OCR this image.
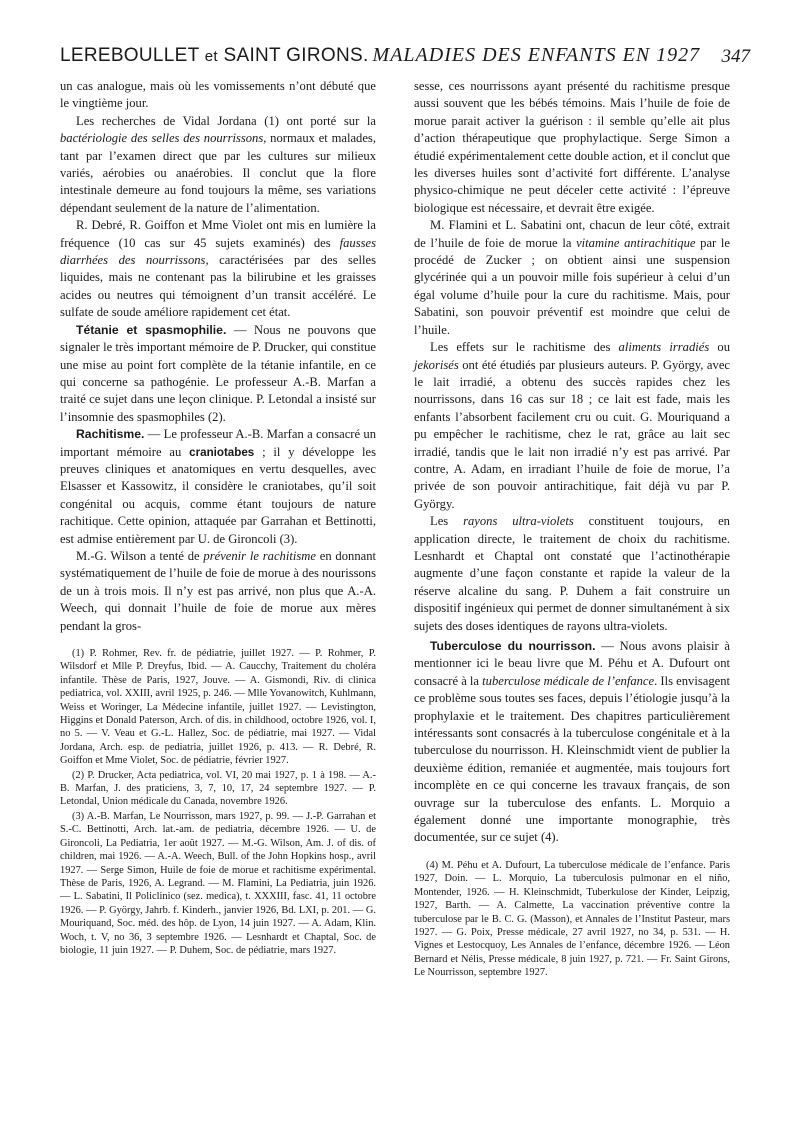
LEREBOULLET et SAINT GIRONS. MALADIES DES ENFANTS EN 1927 347

un cas analogue, mais où les vomissements n’ont débuté que le vingtième jour.

Les recherches de Vidal Jordana (1) ont porté sur la bactériologie des selles des nourrissons, normaux et malades, tant par l’examen direct que par les cultures sur milieux variés, aérobies ou anaérobies. Il conclut que la flore intestinale demeure au fond toujours la même, ses variations dépendant seulement de la nature de l’alimentation.

R. Debré, R. Goiffon et Mme Violet ont mis en lumière la fréquence (10 cas sur 45 sujets examinés) des fausses diarrhées des nourrissons, caractérisées par des selles liquides, mais ne contenant pas la bilirubine et les graisses acides ou neutres qui témoignent d’un transit accéléré. Le sulfate de soude améliore rapidement cet état.

Tétanie et spasmophilie. — Nous ne pouvons que signaler le très important mémoire de P. Drucker, qui constitue une mise au point fort complète de la tétanie infantile, en ce qui concerne sa pathogénie. Le professeur A.-B. Marfan a traité ce sujet dans une leçon clinique. P. Letondal a insisté sur l’insomnie des spasmophiles (2).

Rachitisme. — Le professeur A.-B. Marfan a consacré un important mémoire au craniotabes ; il y développe les preuves cliniques et anatomiques en vertu desquelles, avec Elsasser et Kassowitz, il considère le craniotabes, qu’il soit congénital ou acquis, comme étant toujours de nature rachitique. Cette opinion, attaquée par Garrahan et Bettinotti, est admise entièrement par U. de Gironcoli (3).

M.-G. Wilson a tenté de prévenir le rachitisme en donnant systématiquement de l’huile de foie de morue à des nourissons de un à trois mois. Il n’y est pas arrivé, non plus que A.-A. Weech, qui donnait l’huile de foie de morue aux mères pendant la gros-

(1) P. Rohmer, Rev. fr. de pédiatrie, juillet 1927. — P. Rohmer, P. Wilsdorf et Mlle P. Dreyfus, Ibid. — A. Caucchy, Traitement du choléra infantile. Thèse de Paris, 1927, Jouve. — A. Gismondi, Riv. di clinica pediatrica, vol. XXIII, avril 1925, p. 246. — Mlle Yovanowitch, Kuhlmann, Weiss et Woringer, La Médecine infantile, juillet 1927. — Levistington, Higgins et Donald Paterson, Arch. of dis. in childhood, octobre 1926, vol. I, no 5. — V. Veau et G.-L. Hallez, Soc. de pédiatrie, mai 1927. — Vidal Jordana, Arch. esp. de pediatria, juillet 1926, p. 413. — R. Debré, R. Goiffon et Mme Violet, Soc. de pédiatrie, février 1927.

(2) P. Drucker, Acta pediatrica, vol. VI, 20 mai 1927, p. 1 à 198. — A.-B. Marfan, J. des praticiens, 3, 7, 10, 17, 24 septembre 1927. — P. Letondal, Union médicale du Canada, novembre 1926.

(3) A.-B. Marfan, Le Nourrisson, mars 1927, p. 99. — J.-P. Garrahan et S.-C. Bettinotti, Arch. lat.-am. de pediatria, décembre 1926. — U. de Gironcoli, La Pediatria, 1er août 1927. — M.-G. Wilson, Am. J. of dis. of children, mai 1926. — A.-A. Weech, Bull. of the John Hopkins hosp., avril 1927. — Serge Simon, Huile de foie de morue et rachitisme expérimental. Thèse de Paris, 1926, A. Legrand. — M. Flamini, La Pediatria, juin 1926. — L. Sabatini, Il Policlinico (sez. medica), t. XXXIII, fasc. 41, 11 octobre 1926. — P. György, Jahrb. f. Kinderh., janvier 1926, Bd. LXI, p. 201. — G. Mouriquand, Soc. méd. des hôp. de Lyon, 14 juin 1927. — A. Adam, Klin. Woch, t. V, no 36, 3 septembre 1926. — Lesnhardt et Chaptal, Soc. de biologie, 11 juin 1927. — P. Duhem, Soc. de pédiatrie, mars 1927.

sesse, ces nourrissons ayant présenté du rachitisme presque aussi souvent que les bébés témoins. Mais l’huile de foie de morue parait activer la guérison : il semble qu’elle ait plus d’action thérapeutique que prophylactique. Serge Simon a étudié expérimentalement cette double action, et il conclut que les diverses huiles sont d’activité fort différente. L’analyse physico-chimique ne peut déceler cette activité : l’épreuve biologique est nécessaire, et devrait être exigée.

M. Flamini et L. Sabatini ont, chacun de leur côté, extrait de l’huile de foie de morue la vitamine antirachitique par le procédé de Zucker ; on obtient ainsi une suspension glycérinée qui a un pouvoir mille fois supérieur à celui d’un égal volume d’huile pour la cure du rachitisme. Mais, pour Sabatini, son pouvoir préventif est moindre que celui de l’huile.

Les effets sur le rachitisme des aliments irradiés ou jekorisés ont été étudiés par plusieurs auteurs. P. György, avec le lait irradié, a obtenu des succès rapides chez les nourrissons, dans 16 cas sur 18 ; ce lait est fade, mais les enfants l’absorbent facilement cru ou cuit. G. Mouriquand a pu empêcher le rachitisme, chez le rat, grâce au lait sec irradié, tandis que le lait non irradié n’y est pas arrivé. Par contre, A. Adam, en irradiant l’huile de foie de morue, l’a privée de son pouvoir antirachitique, fait déjà vu par P. György.

Les rayons ultra-violets constituent toujours, en application directe, le traitement de choix du rachitisme. Lesnhardt et Chaptal ont constaté que l’actinothérapie augmente d’une façon constante et rapide la valeur de la réserve alcaline du sang. P. Duhem a fait construire un dispositif ingénieux qui permet de donner simultanément à six sujets des doses identiques de rayons ultra-violets.

Tuberculose du nourrisson. — Nous avons plaisir à mentionner ici le beau livre que M. Péhu et A. Dufourt ont consacré à la tuberculose médicale de l’enfance. Ils envisagent ce problème sous toutes ses faces, depuis l’étiologie jusqu’à la prophylaxie et le traitement. Des chapitres particulièrement intéressants sont consacrés à la tuberculose congénitale et à la tuberculose du nourrisson. H. Kleinschmidt vient de publier la deuxième édition, remaniée et augmentée, mais toujours fort incomplète en ce qui concerne les travaux français, de son ouvrage sur la tuberculose des enfants. L. Morquio a également donné une importante monographie, très documentée, sur ce sujet (4).

(4) M. Péhu et A. Dufourt, La tuberculose médicale de l’enfance. Paris 1927, Doin. — L. Morquio, La tuberculosis pulmonar en el niño, Montender, 1926. — H. Kleinschmidt, Tuberkulose der Kinder, Leipzig, 1927, Barth. — A. Calmette, La vaccination préventive contre la tuberculose par le B. C. G. (Masson), et Annales de l’Institut Pasteur, mars 1927. — G. Poix, Presse médicale, 27 avril 1927, no 34, p. 531. — H. Vignes et Lestocquoy, Les Annales de l’enfance, décembre 1926. — Léon Bernard et Nélis, Presse médicale, 8 juin 1927, p. 721. — Fr. Saint Girons, Le Nourrisson, septembre 1927.
